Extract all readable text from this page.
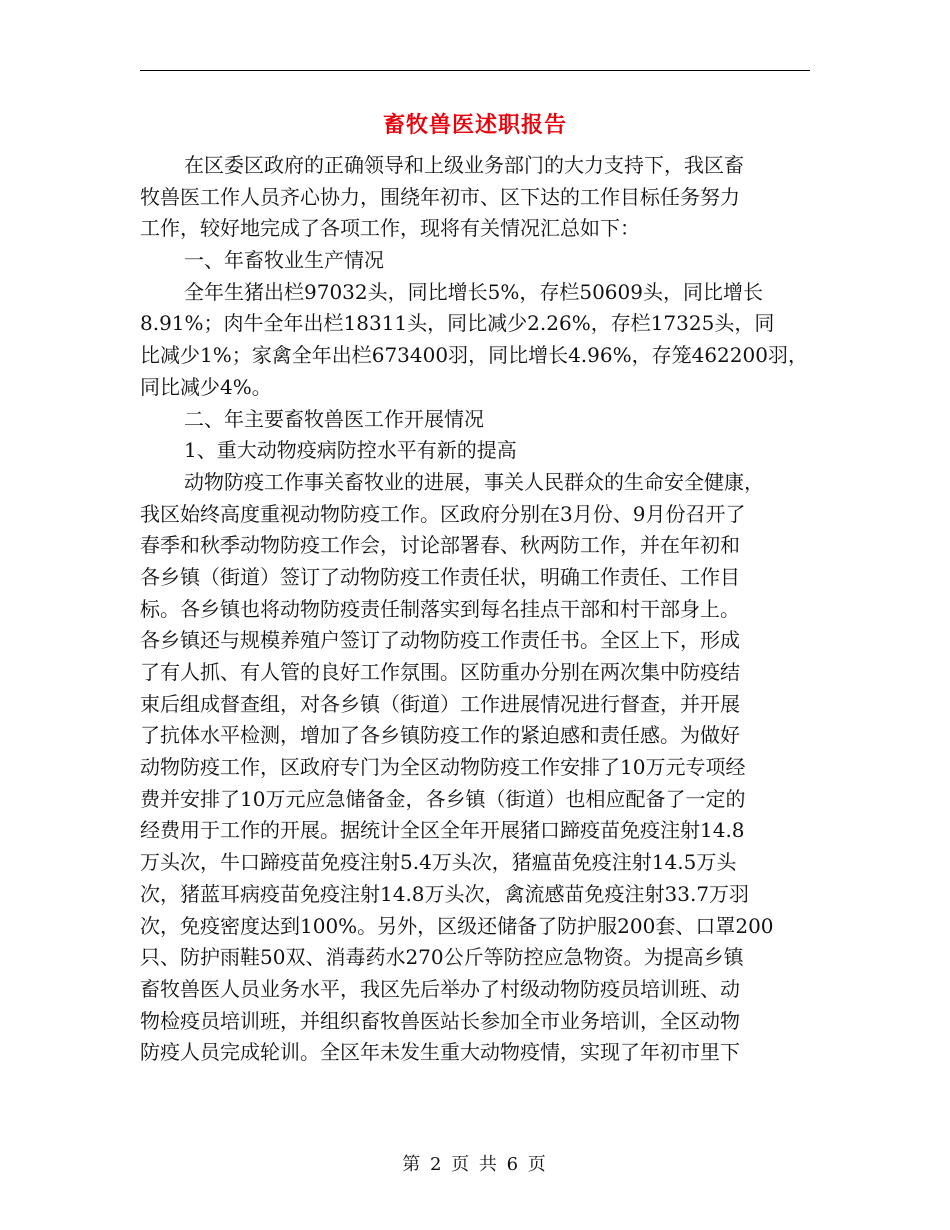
畜牧兽医述职报告
在区委区政府的正确领导和上级业务部门的大力支持下，我区畜
牧兽医工作人员齐心协力，围绕年初市、区下达的工作目标任务努力
工作，较好地完成了各项工作，现将有关情况汇总如下：
一、年畜牧业生产情况
全年生猪出栏97032头，同比增长5%，存栏50609头，同比增长
8.91%；肉牛全年出栏18311头，同比减少2.26%，存栏17325头，同
比减少1%；家禽全年出栏673400羽，同比增长4.96%，存笼462200羽，
同比减少4%。
二、年主要畜牧兽医工作开展情况
1、重大动物疫病防控水平有新的提高
动物防疫工作事关畜牧业的进展，事关人民群众的生命安全健康，
我区始终高度重视动物防疫工作。区政府分别在3月份、9月份召开了
春季和秋季动物防疫工作会，讨论部署春、秋两防工作，并在年初和
各乡镇（街道）签订了动物防疫工作责任状，明确工作责任、工作目
标。各乡镇也将动物防疫责任制落实到每名挂点干部和村干部身上。
各乡镇还与规模养殖户签订了动物防疫工作责任书。全区上下，形成
了有人抓、有人管的良好工作氛围。区防重办分别在两次集中防疫结
束后组成督查组，对各乡镇（街道）工作进展情况进行督查，并开展
了抗体水平检测，增加了各乡镇防疫工作的紧迫感和责任感。为做好
动物防疫工作，区政府专门为全区动物防疫工作安排了10万元专项经
费并安排了10万元应急储备金，各乡镇（街道）也相应配备了一定的
经费用于工作的开展。据统计全区全年开展猪口蹄疫苗免疫注射14.8
万头次，牛口蹄疫苗免疫注射5.4万头次，猪瘟苗免疫注射14.5万头
次，猪蓝耳病疫苗免疫注射14.8万头次，禽流感苗免疫注射33.7万羽
次，免疫密度达到100%。另外，区级还储备了防护服200套、口罩200
只、防护雨鞋50双、消毒药水270公斤等防控应急物资。为提高乡镇
畜牧兽医人员业务水平，我区先后举办了村级动物防疫员培训班、动
物检疫员培训班，并组织畜牧兽医站长参加全市业务培训，全区动物
防疫人员完成轮训。全区年未发生重大动物疫情，实现了年初市里下
第 2 页 共 6 页
